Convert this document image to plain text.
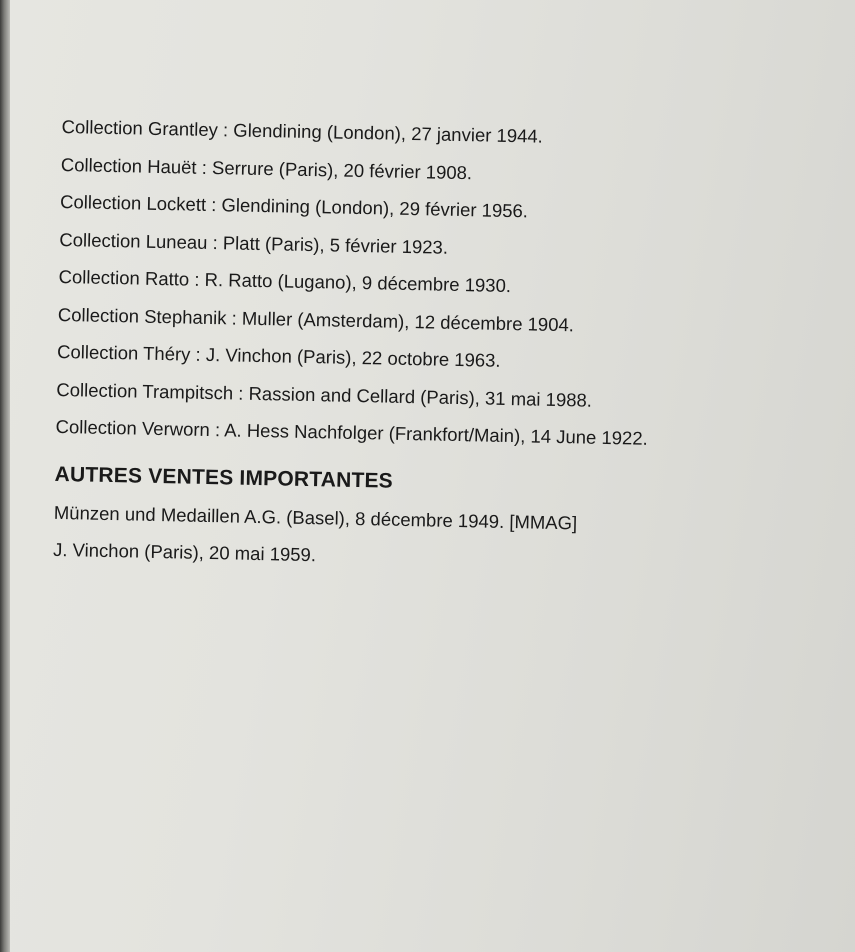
Collection Grantley : Glendining (London), 27 janvier 1944.
Collection Hauët : Serrure (Paris), 20 février 1908.
Collection Lockett : Glendining (London), 29 février 1956.
Collection Luneau : Platt (Paris), 5 février 1923.
Collection Ratto : R. Ratto (Lugano), 9 décembre 1930.
Collection Stephanik : Muller (Amsterdam), 12 décembre 1904.
Collection Théry : J. Vinchon (Paris), 22 octobre 1963.
Collection Trampitsch : Rassion and Cellard (Paris), 31 mai 1988.
Collection Verworn : A. Hess Nachfolger (Frankfort/Main), 14 June 1922.
AUTRES VENTES IMPORTANTES
Münzen und Medaillen A.G. (Basel), 8 décembre 1949. [MMAG]
J. Vinchon (Paris), 20 mai 1959.
